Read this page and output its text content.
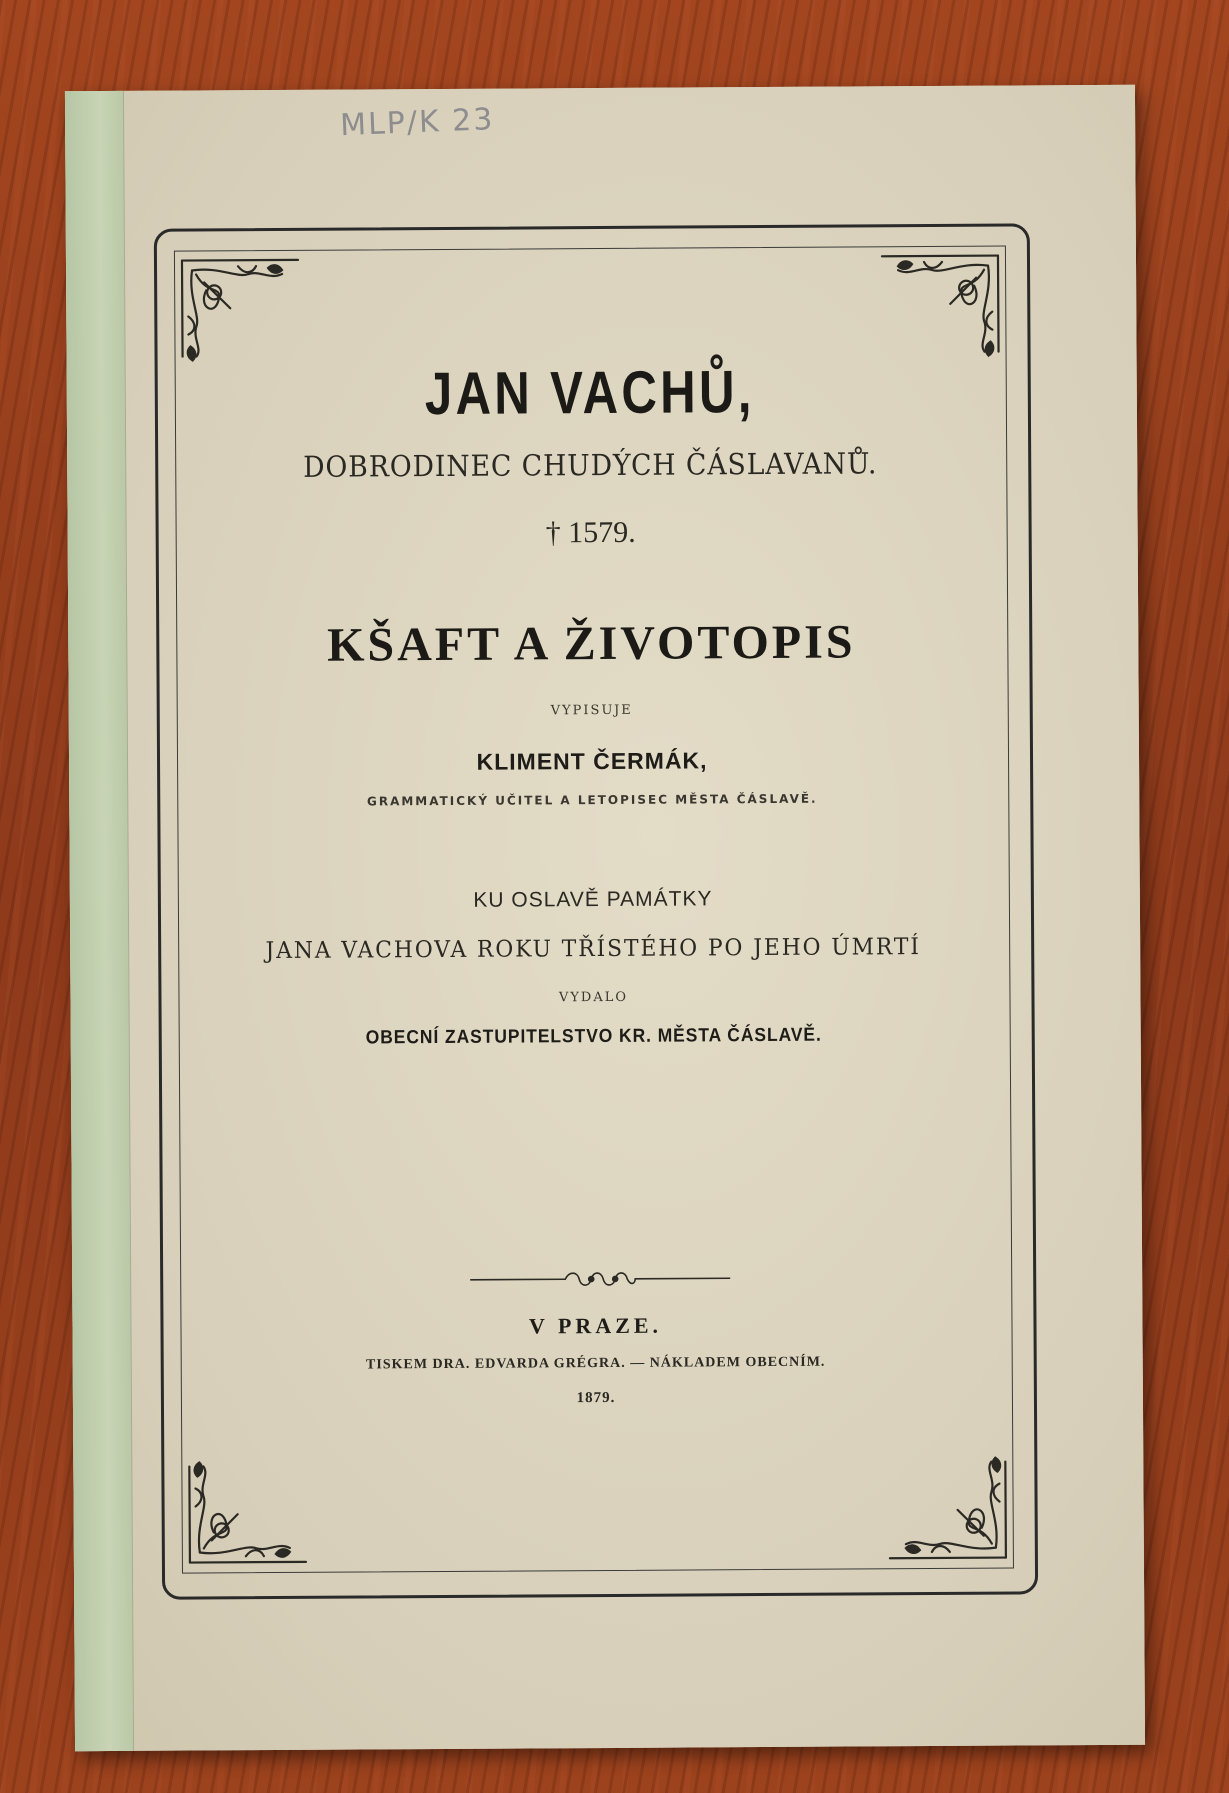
MLP/K 23

JAN VACHŮ,

DOBRODINEC CHUDÝCH ČÁSLAVANŮ.

† 1579.

KŠAFT A ŽIVOTOPIS

VYPISUJE

KLIMENT ČERMÁK,

GRAMMATICKÝ UČITEL A LETOPISEC MĚSTA ČÁSLAVĚ.

KU OSLAVĚ PAMÁTKY

JANA VACHOVA ROKU TŘÍSTÉHO PO JEHO ÚMRTÍ

VYDALO

OBECNÍ ZASTUPITELSTVO KR. MĚSTA ČÁSLAVĚ.

V PRAZE.

TISKEM DRA. EDVARDA GRÉGRA. — NÁKLADEM OBECNÍM.

1879.
